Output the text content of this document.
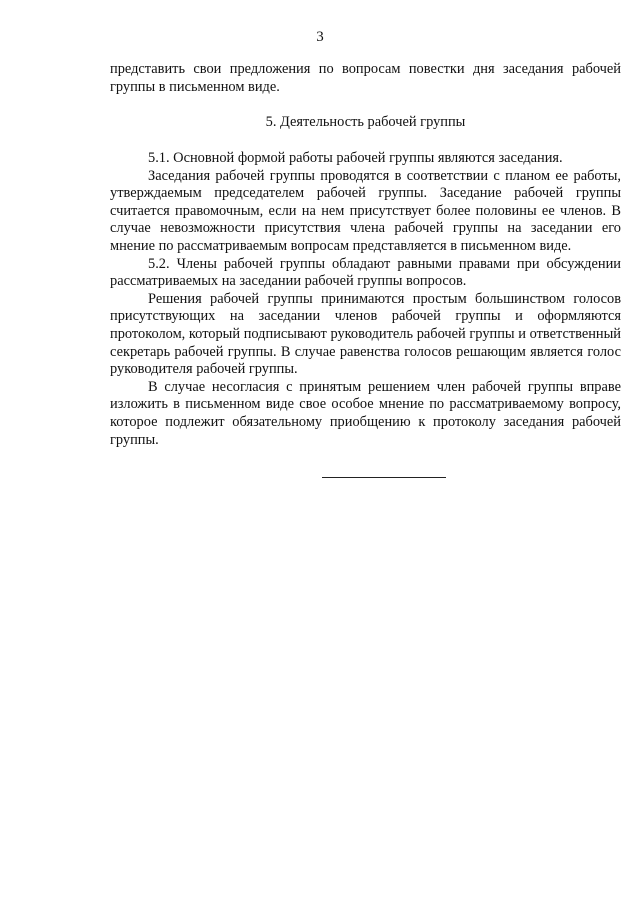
3

представить свои предложения по вопросам повестки дня заседания рабочей группы в письменном виде.

5. Деятельность рабочей группы

5.1. Основной формой работы рабочей группы являются заседания.

Заседания рабочей группы проводятся в соответствии с планом ее работы, утверждаемым председателем рабочей группы. Заседание рабочей группы считается правомочным, если на нем присутствует более половины ее членов. В случае невозможности присутствия члена рабочей группы на заседании его мнение по рассматриваемым вопросам представляется в письменном виде.

5.2. Члены рабочей группы обладают равными правами при обсуждении рассматриваемых на заседании рабочей группы вопросов.

Решения рабочей группы принимаются простым большинством голосов присутствующих на заседании членов рабочей группы и оформляются протоколом, который подписывают руководитель рабочей группы и ответственный секретарь рабочей группы. В случае равенства голосов решающим является голос руководителя рабочей группы.

В случае несогласия с принятым решением член рабочей группы вправе изложить в письменном виде свое особое мнение по рассматриваемому вопросу, которое подлежит обязательному приобщению к протоколу заседания рабочей группы.
